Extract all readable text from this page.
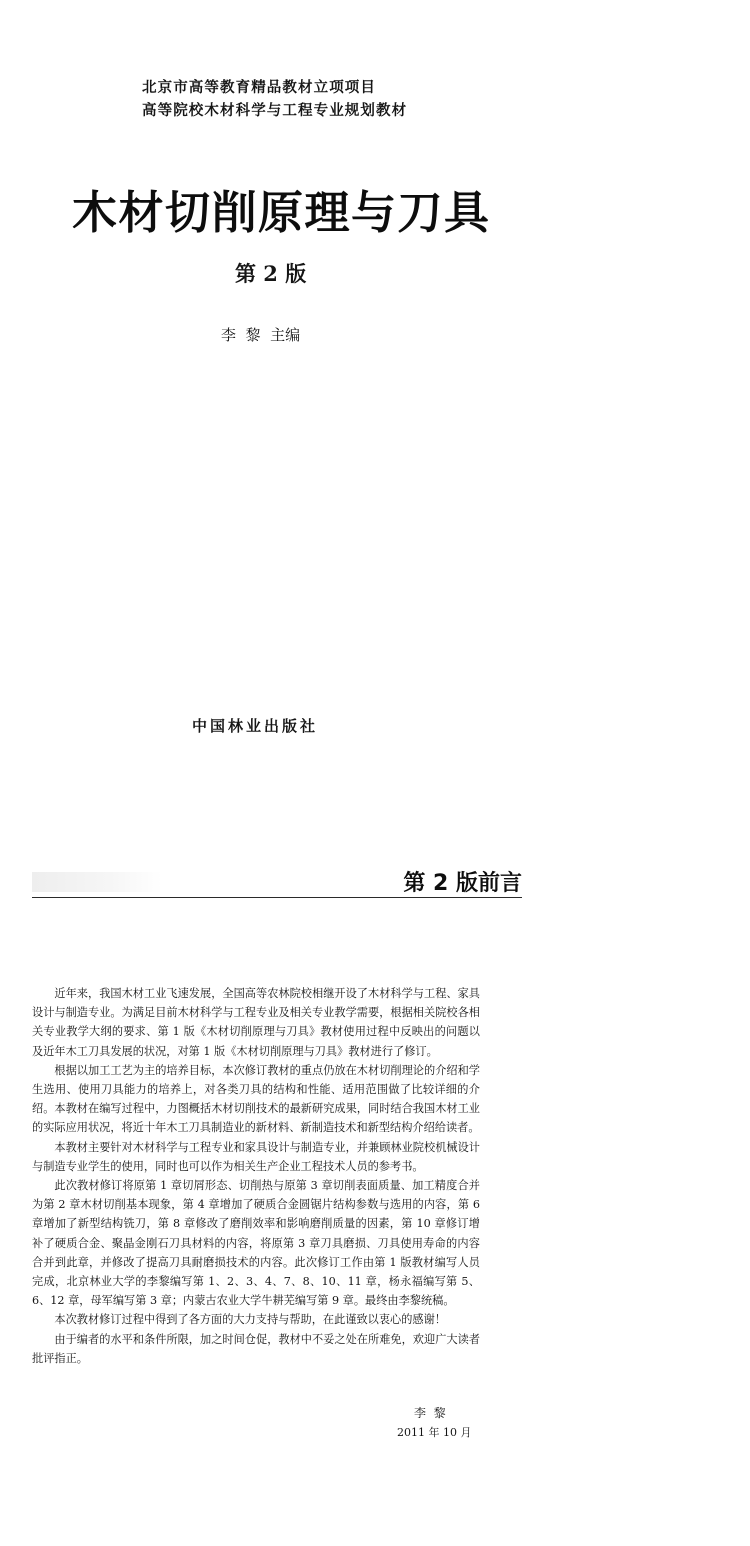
北京市高等教育精品教材立项项目
高等院校木材科学与工程专业规划教材
木材切削原理与刀具
第 2 版
李  黎  主编
中国林业出版社
第 2 版前言

近年来，我国木材工业飞速发展，全国高等农林院校相继开设了木材科学与工程、家具设计与制造专业。为满足目前木材科学与工程专业及相关专业教学需要，根据相关院校各相关专业教学大纲的要求、第 1 版《木材切削原理与刀具》教材使用过程中反映出的问题以及近年木工刀具发展的状况，对第 1 版《木材切削原理与刀具》教材进行了修订。

根据以加工工艺为主的培养目标，本次修订教材的重点仍放在木材切削理论的介绍和学生选用、使用刀具能力的培养上，对各类刀具的结构和性能、适用范围做了比较详细的介绍。本教材在编写过程中，力图概括木材切削技术的最新研究成果，同时结合我国木材工业的实际应用状况，将近十年木工刀具制造业的新材料、新制造技术和新型结构介绍给读者。

本教材主要针对木材科学与工程专业和家具设计与制造专业，并兼顾林业院校机械设计与制造专业学生的使用，同时也可以作为相关生产企业工程技术人员的参考书。

此次教材修订将原第 1 章切屑形态、切削热与原第 3 章切削表面质量、加工精度合并为第 2 章木材切削基本现象，第 4 章增加了硬质合金圆锯片结构参数与选用的内容，第 6 章增加了新型结构铣刀，第 8 章修改了磨削效率和影响磨削质量的因素，第 10 章修订增补了硬质合金、聚晶金刚石刀具材料的内容，将原第 3 章刀具磨损、刀具使用寿命的内容合并到此章，并修改了提高刀具耐磨损技术的内容。此次修订工作由第 1 版教材编写人员完成，北京林业大学的李黎编写第 1、2、3、4、7、8、10、11 章，杨永福编写第 5、6、12 章，母军编写第 3 章；内蒙古农业大学牛耕芜编写第 9 章。最终由李黎统稿。

本次教材修订过程中得到了各方面的大力支持与帮助，在此谨致以衷心的感谢！

由于编者的水平和条件所限，加之时间仓促，教材中不妥之处在所难免，欢迎广大读者批评指正。

李  黎
2011 年 10 月
